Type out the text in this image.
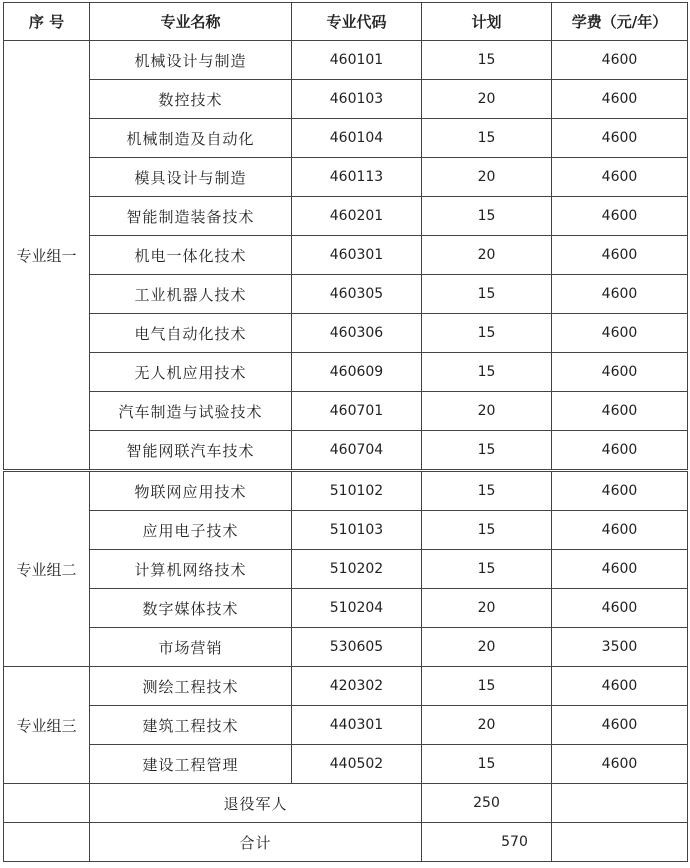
序 号	专业名称	专业代码	计划	学费（元/年）
专业组一	机械设计与制造	460101	15	4600
	数控技术	460103	20	4600
	机械制造及自动化	460104	15	4600
	模具设计与制造	460113	20	4600
	智能制造装备技术	460201	15	4600
	机电一体化技术	460301	20	4600
	工业机器人技术	460305	15	4600
	电气自动化技术	460306	15	4600
	无人机应用技术	460609	15	4600
	汽车制造与试验技术	460701	20	4600
	智能网联汽车技术	460704	15	4600
专业组二	物联网应用技术	510102	15	4600
	应用电子技术	510103	15	4600
	计算机网络技术	510202	15	4600
	数字媒体技术	510204	20	4600
	市场营销	530605	20	3500
专业组三	测绘工程技术	420302	15	4600
	建筑工程技术	440301	20	4600
	建设工程管理	440502	15	4600
	退役军人		250	
	合计		570	
